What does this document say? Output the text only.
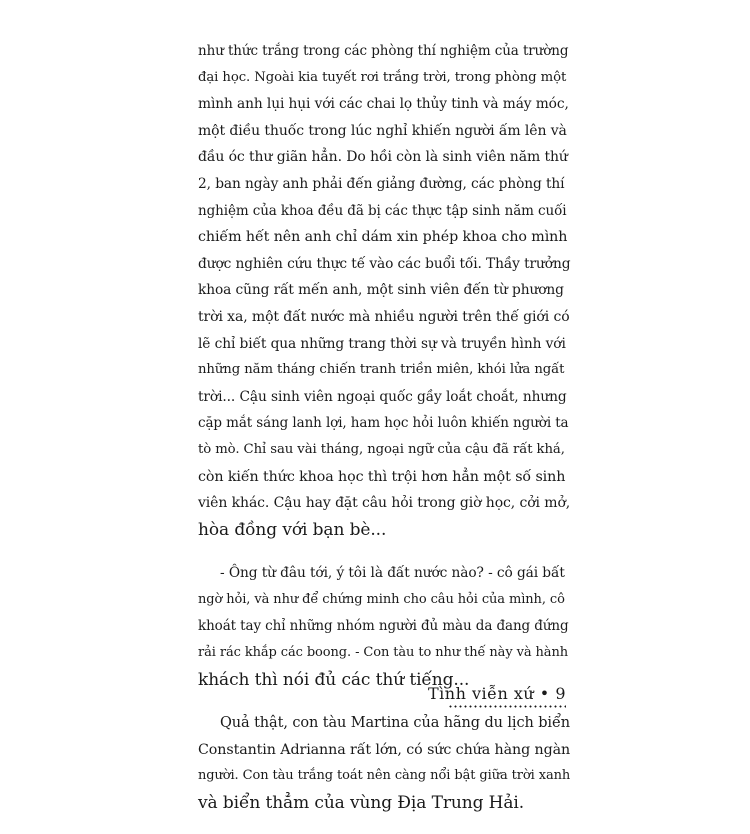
như thức trắng trong các phòng thí nghiệm của trường

đại học. Ngoài kia tuyết rơi trắng trời, trong phòng một

mình anh lụi hụi với các chai lọ thủy tinh và máy móc,

một điều thuốc trong lúc nghỉ khiến người ấm lên và

đầu óc thư giãn hẳn. Do hồi còn là sinh viên năm thứ

2, ban ngày anh phải đến giảng đường, các phòng thí

nghiệm của khoa đều đã bị các thực tập sinh năm cuối

chiếm hết nên anh chỉ dám xin phép khoa cho mình

được nghiên cứu thực tế vào các buổi tối. Thầy trưởng

khoa cũng rất mến anh, một sinh viên đến từ phương

trời xa, một đất nước mà nhiều người trên thế giới có

lẽ chỉ biết qua những trang thời sự và truyền hình với

những năm tháng chiến tranh triền miên, khói lửa ngất

trời... Cậu sinh viên ngoại quốc gầy loắt choắt, nhưng

cặp mắt sáng lanh lợi, ham học hỏi luôn khiến người ta

tò mò. Chỉ sau vài tháng, ngoại ngữ của cậu đã rất khá,

còn kiến thức khoa học thì trội hơn hẳn một số sinh

viên khác. Cậu hay đặt câu hỏi trong giờ học, cởi mở,

hòa đồng với bạn bè...

- Ông từ đâu tới, ý tôi là đất nước nào? - cô gái bất

ngờ hỏi, và như để chứng minh cho câu hỏi của mình, cô

khoát tay chỉ những nhóm người đủ màu da đang đứng

rải rác khắp các boong. - Con tàu to như thế này và hành

khách thì nói đủ các thứ tiếng...

Quả thật, con tàu Martina của hãng du lịch biển

Constantin Adrianna rất lớn, có sức chứa hàng ngàn

người. Con tàu trắng toát nên càng nổi bật giữa trời xanh

và biển thẳm của vùng Địa Trung Hải.

Tình viễn xứ • 9
